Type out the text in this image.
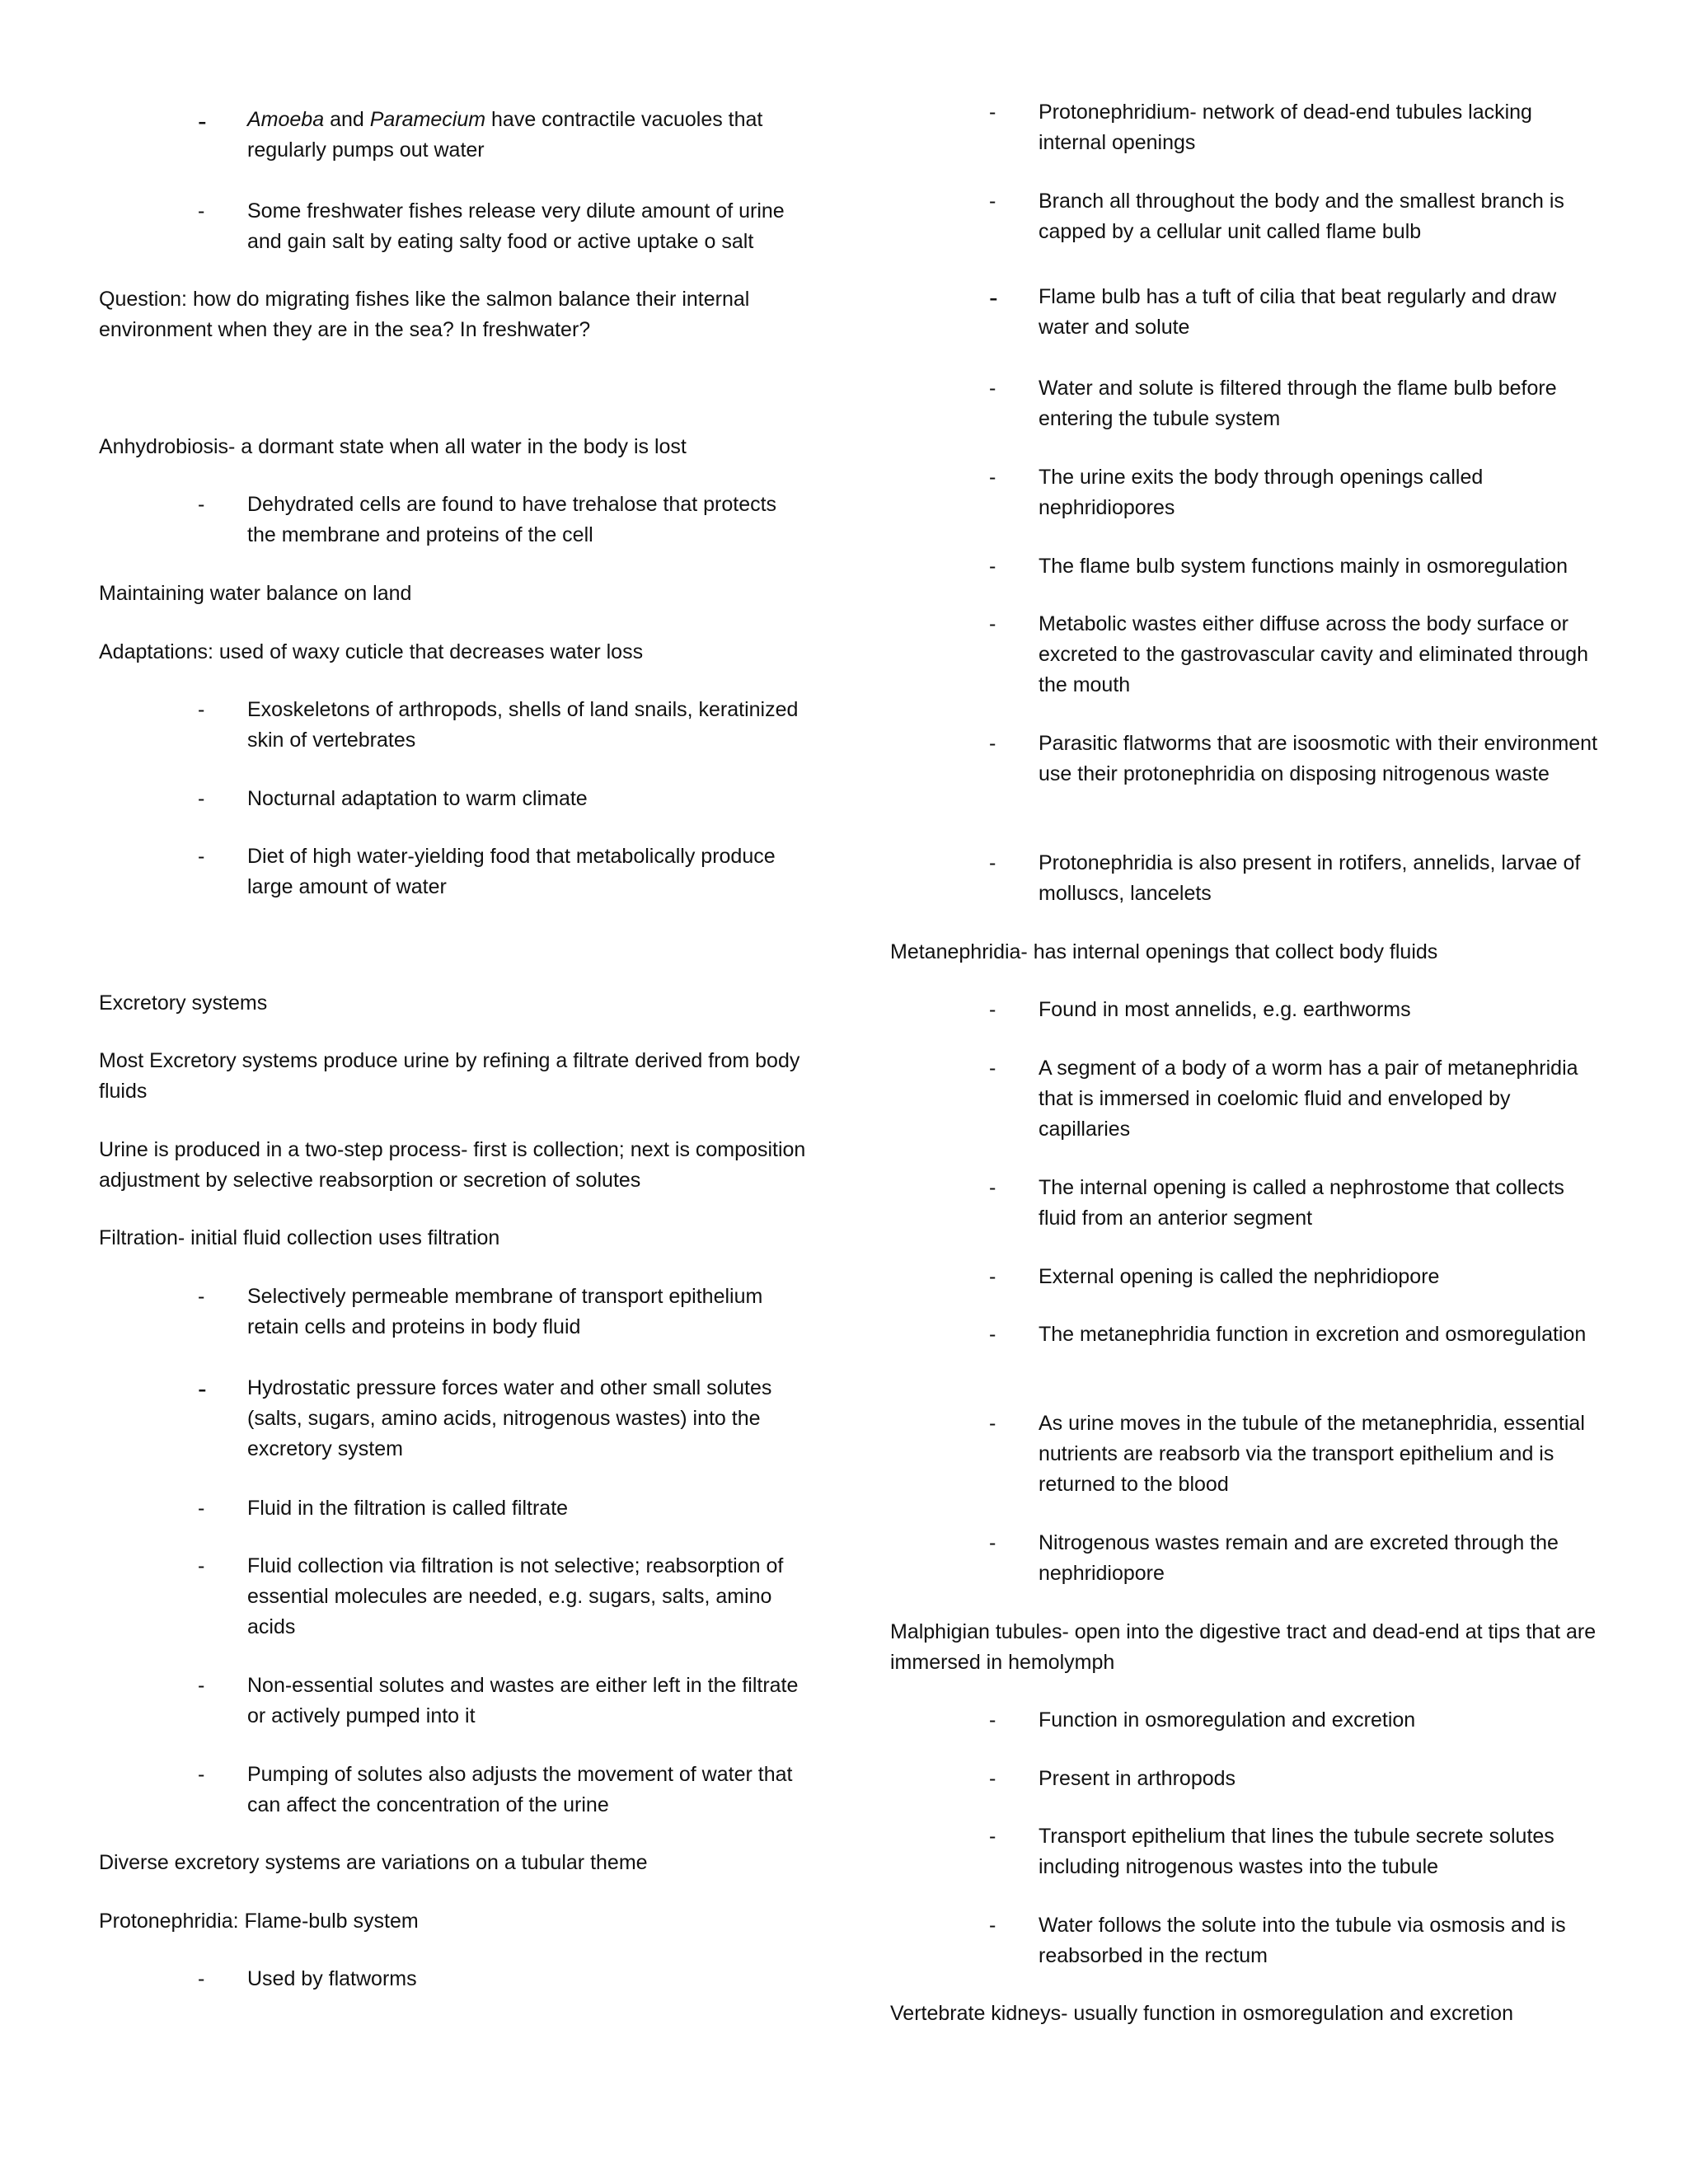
- Amoeba and Paramecium have contractile vacuoles that regularly pumps out water

- Some freshwater fishes release very dilute amount of urine and gain salt by eating salty food or active uptake o salt

Question: how do migrating fishes like the salmon balance their internal environment when they are in the sea? In freshwater?

Anhydrobiosis- a dormant state when all water in the body is lost

- Dehydrated cells are found to have trehalose that protects the membrane and proteins of the cell

Maintaining water balance on land

Adaptations: used of waxy cuticle that decreases water loss

- Exoskeletons of arthropods, shells of land snails, keratinized skin of vertebrates

- Nocturnal adaptation to warm climate

- Diet of high water-yielding food that metabolically produce large amount of water

Excretory systems

Most Excretory systems produce urine by refining a filtrate derived from body fluids

Urine is produced in a two-step process- first is collection; next is composition adjustment by selective reabsorption or secretion of solutes

Filtration- initial fluid collection uses filtration

- Selectively permeable membrane of transport epithelium retain cells and proteins in body fluid

- Hydrostatic pressure forces water and other small solutes (salts, sugars, amino acids, nitrogenous wastes) into the excretory system

- Fluid in the filtration is called filtrate

- Fluid collection via filtration is not selective; reabsorption of essential molecules are needed, e.g. sugars, salts, amino acids

- Non-essential solutes and wastes are either left in the filtrate or actively pumped into it

- Pumping of solutes also adjusts the movement of water that can affect the concentration of the urine

Diverse excretory systems are variations on a tubular theme

Protonephridia: Flame-bulb system

- Used by flatworms

- Protonephridium- network of dead-end tubules lacking internal openings

- Branch all throughout the body and the smallest branch is capped by a cellular unit called flame bulb

- Flame bulb has a tuft of cilia that beat regularly and draw water and solute

- Water and solute is filtered through the flame bulb before entering the tubule system

- The urine exits the body through openings called nephridiopores

- The flame bulb system functions mainly in osmoregulation

- Metabolic wastes either diffuse across the body surface or excreted to the gastrovascular cavity and eliminated through the mouth

- Parasitic flatworms that are isoosmotic with their environment use their protonephridia on disposing nitrogenous waste

- Protonephridia is also present in rotifers, annelids, larvae of molluscs, lancelets

Metanephridia- has internal openings that collect body fluids

- Found in most annelids, e.g. earthworms

- A segment of a body of a worm has a pair of metanephridia that is immersed in coelomic fluid and enveloped by capillaries

- The internal opening is called a nephrostome that collects fluid from an anterior segment

- External opening is called the nephridiopore

- The metanephridia function in excretion and osmoregulation

- As urine moves in the tubule of the metanephridia, essential nutrients are reabsorb via the transport epithelium and is returned to the blood

- Nitrogenous wastes remain and are excreted through the nephridiopore

Malphigian tubules- open into the digestive tract and dead-end at tips that are immersed in hemolymph

- Function in osmoregulation and excretion

- Present in arthropods

- Transport epithelium that lines the tubule secrete solutes including nitrogenous wastes into the tubule

- Water follows the solute into the tubule via osmosis and is reabsorbed in the rectum

Vertebrate kidneys- usually function in osmoregulation and excretion
